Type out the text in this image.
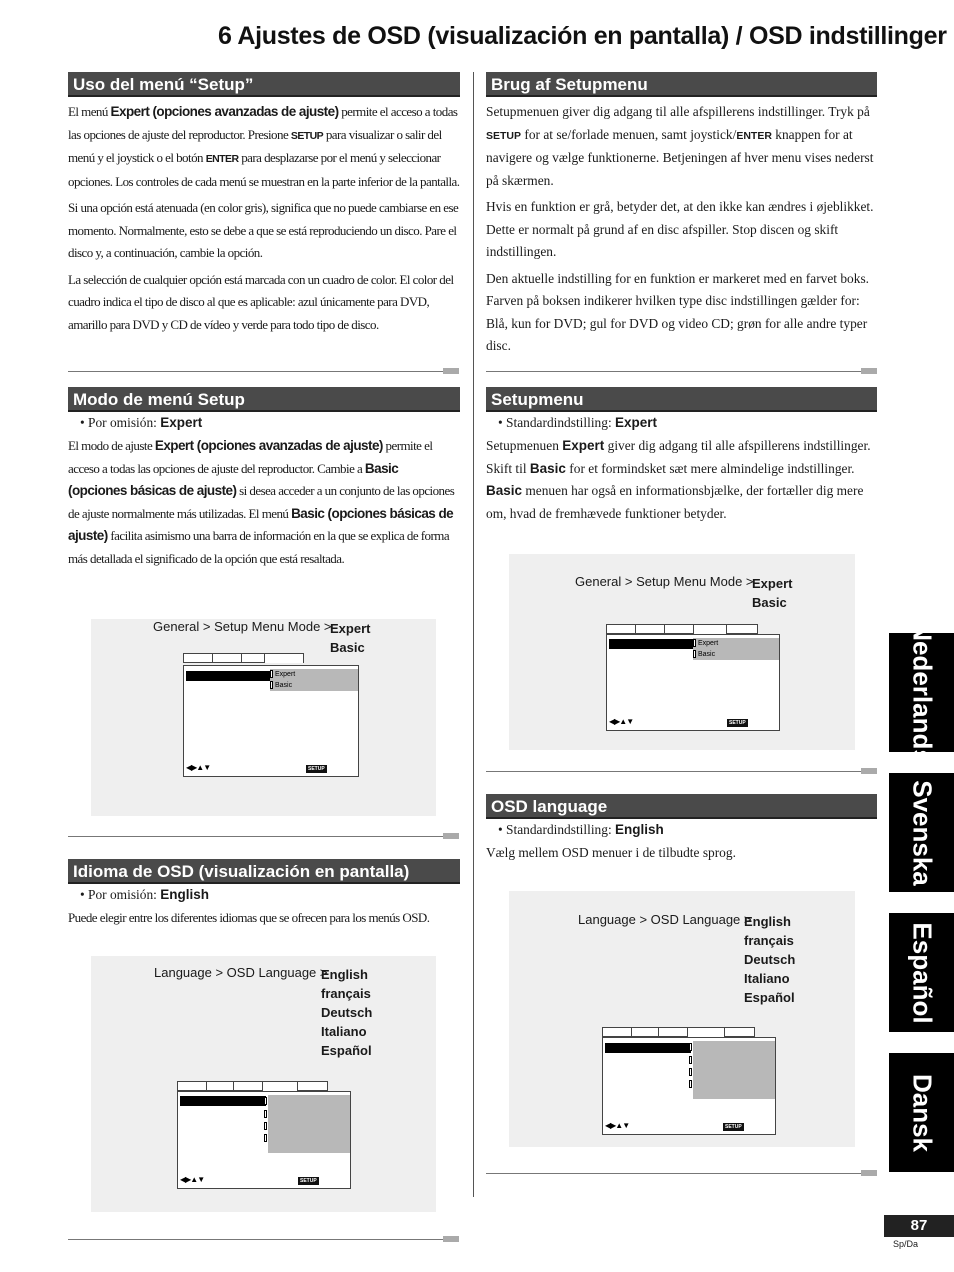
6 Ajustes de OSD (visualización en pantalla) / OSD indstillinger
Uso del menú “Setup”

El menú Expert (opciones avanzadas de ajuste) permite el acceso a todas las opciones de ajuste del reproductor. Presione SETUP para visualizar o salir del menú y el joystick o el botón ENTER para desplazarse por el menú y seleccionar opciones. Los controles de cada menú se muestran en la parte inferior de la pantalla.

Si una opción está atenuada (en color gris), significa que no puede cambiarse en ese momento. Normalmente, esto se debe a que se está reproduciendo un disco. Pare el disco y, a continuación, cambie la opción.

La selección de cualquier opción está marcada con un cuadro de color. El color del cuadro indica el tipo de disco al que es aplicable: azul únicamente para DVD, amarillo para DVD y CD de vídeo y verde para todo tipo de disco.

Modo de menú Setup
• Por omisión: Expert

El modo de ajuste Expert (opciones avanzadas de ajuste) permite el acceso a todas las opciones de ajuste del reproductor. Cambie a Basic (opciones básicas de ajuste) si desea acceder a un conjunto de las opciones de ajuste normalmente más utilizadas. El menú Basic (opciones básicas de ajuste) facilita asimismo una barra de información en la que se explica de forma más detallada el significado de la opción que está resaltada.

General > Setup Menu Mode >
Expert
Basic
Expert
Basic
◀▶▲▼	SETUP
Idioma de OSD (visualización en pantalla)
• Por omisión: English

Puede elegir entre los diferentes idiomas que se ofrecen para los menús OSD.

Language > OSD Language >
English
français
Deutsch
Italiano
Español
◀▶▲▼	SETUP
Brug af Setupmenu

Setupmenuen giver dig adgang til alle afspillerens indstillinger. Tryk på SETUP for at se/forlade menuen, samt joystick/ENTER knappen for at navigere og vælge funktionerne. Betjeningen af hver menu vises nederst på skærmen.

Hvis en funktion er grå, betyder det, at den ikke kan ændres i øjeblikket. Dette er normalt på grund af en disc afspiller. Stop discen og skift indstillingen.

Den aktuelle indstilling for en funktion er markeret med en farvet boks. Farven på boksen indikerer hvilken type disc indstillingen gælder for: Blå, kun for DVD; gul for DVD og video CD; grøn for alle andre typer disc.

Setupmenu
• Standardindstilling: Expert

Setupmenuen Expert giver dig adgang til alle afspillerens indstillinger. Skift til Basic for et formindsket sæt mere almindelige indstillinger. Basic menuen har også en informationsbjælke, der fortæller dig mere om, hvad de fremhævede funktioner betyder.

General > Setup Menu Mode >
Expert
Basic
Expert
Basic
◀▶▲▼	SETUP
OSD language
• Standardindstilling: English

Vælg mellem OSD menuer i de tilbudte sprog.

Language > OSD Language >
English
français
Deutsch
Italiano
Español
◀▶▲▼	SETUP
Nederlands
Svenska
Español
Dansk
87
Sp/Da
